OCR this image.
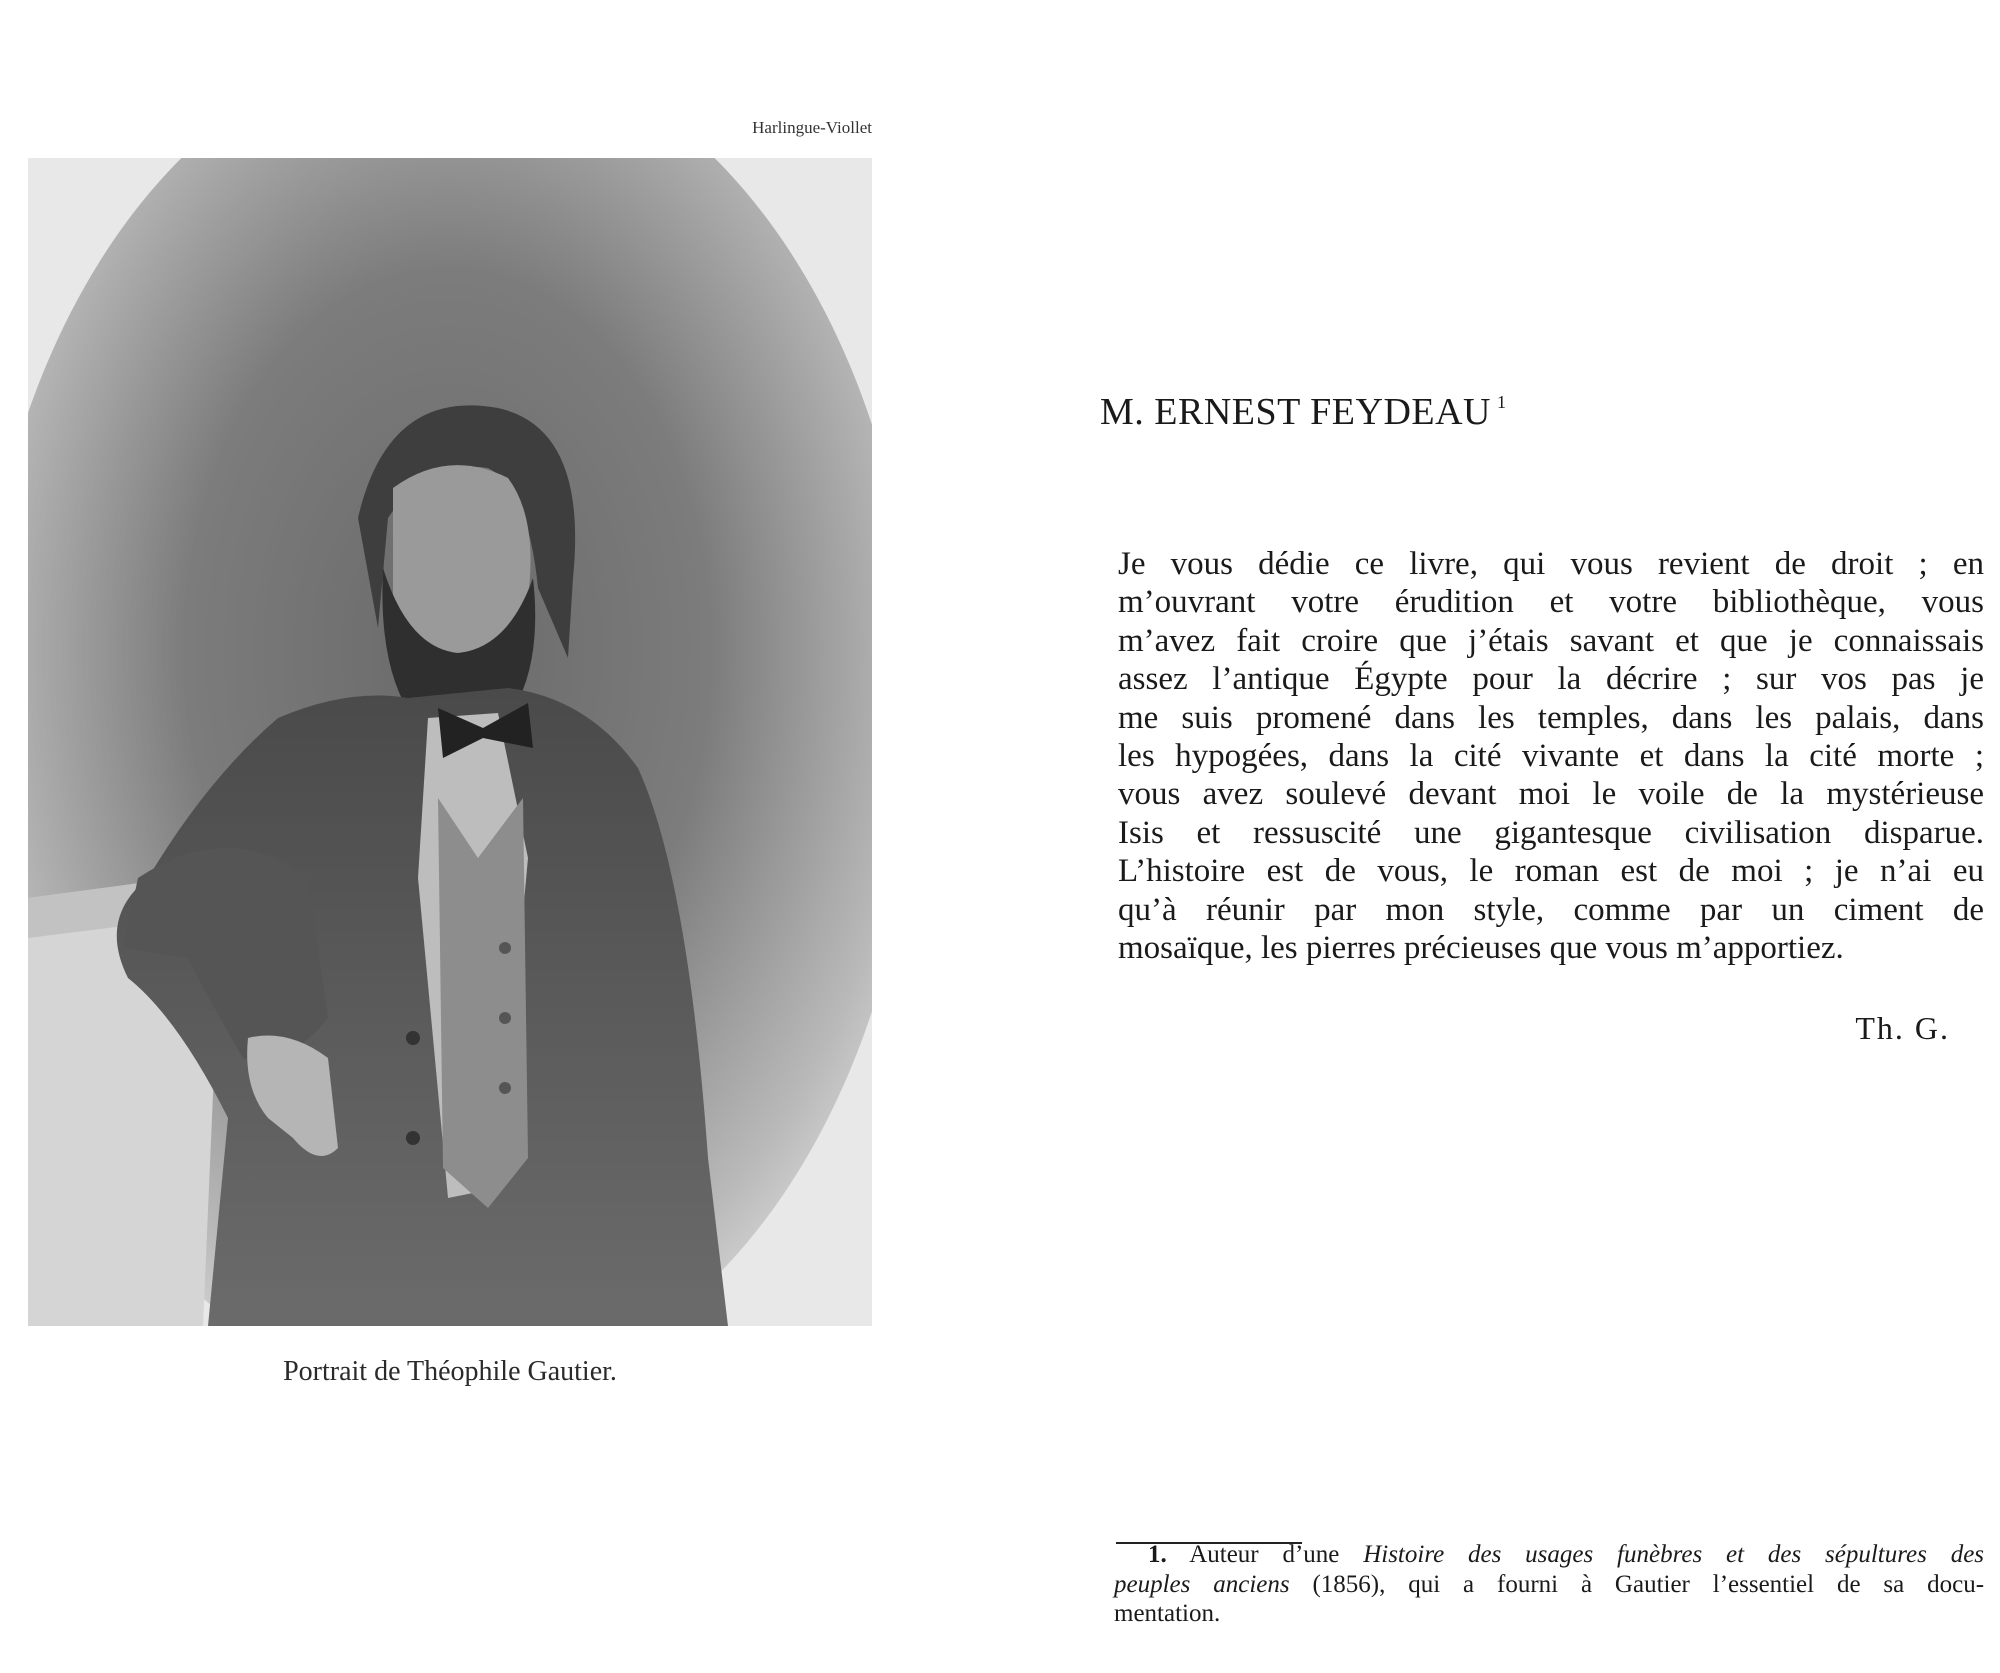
Harlingue-Viollet
Portrait de Théophile Gautier.
M. ERNEST FEYDEAU $^1$
Je vous dédie ce livre, qui vous revient de droit ; en
m’ouvrant votre érudition et votre bibliothèque, vous
m’avez fait croire que j’étais savant et que je connaissais
assez l’antique Égypte pour la décrire ; sur vos pas je
me suis promené dans les temples, dans les palais, dans
les hypogées, dans la cité vivante et dans la cité morte ;
vous avez soulevé devant moi le voile de la mystérieuse
Isis et ressuscité une gigantesque civilisation disparue.
L’histoire est de vous, le roman est de moi ; je n’ai eu
qu’à réunir par mon style, comme par un ciment de
mosaïque, les pierres précieuses que vous m’apportiez.
Th. G.
1. Auteur d’une Histoire des usages funèbres et des sépultures des
peuples anciens (1856), qui a fourni à Gautier l’essentiel de sa docu-
mentation.
